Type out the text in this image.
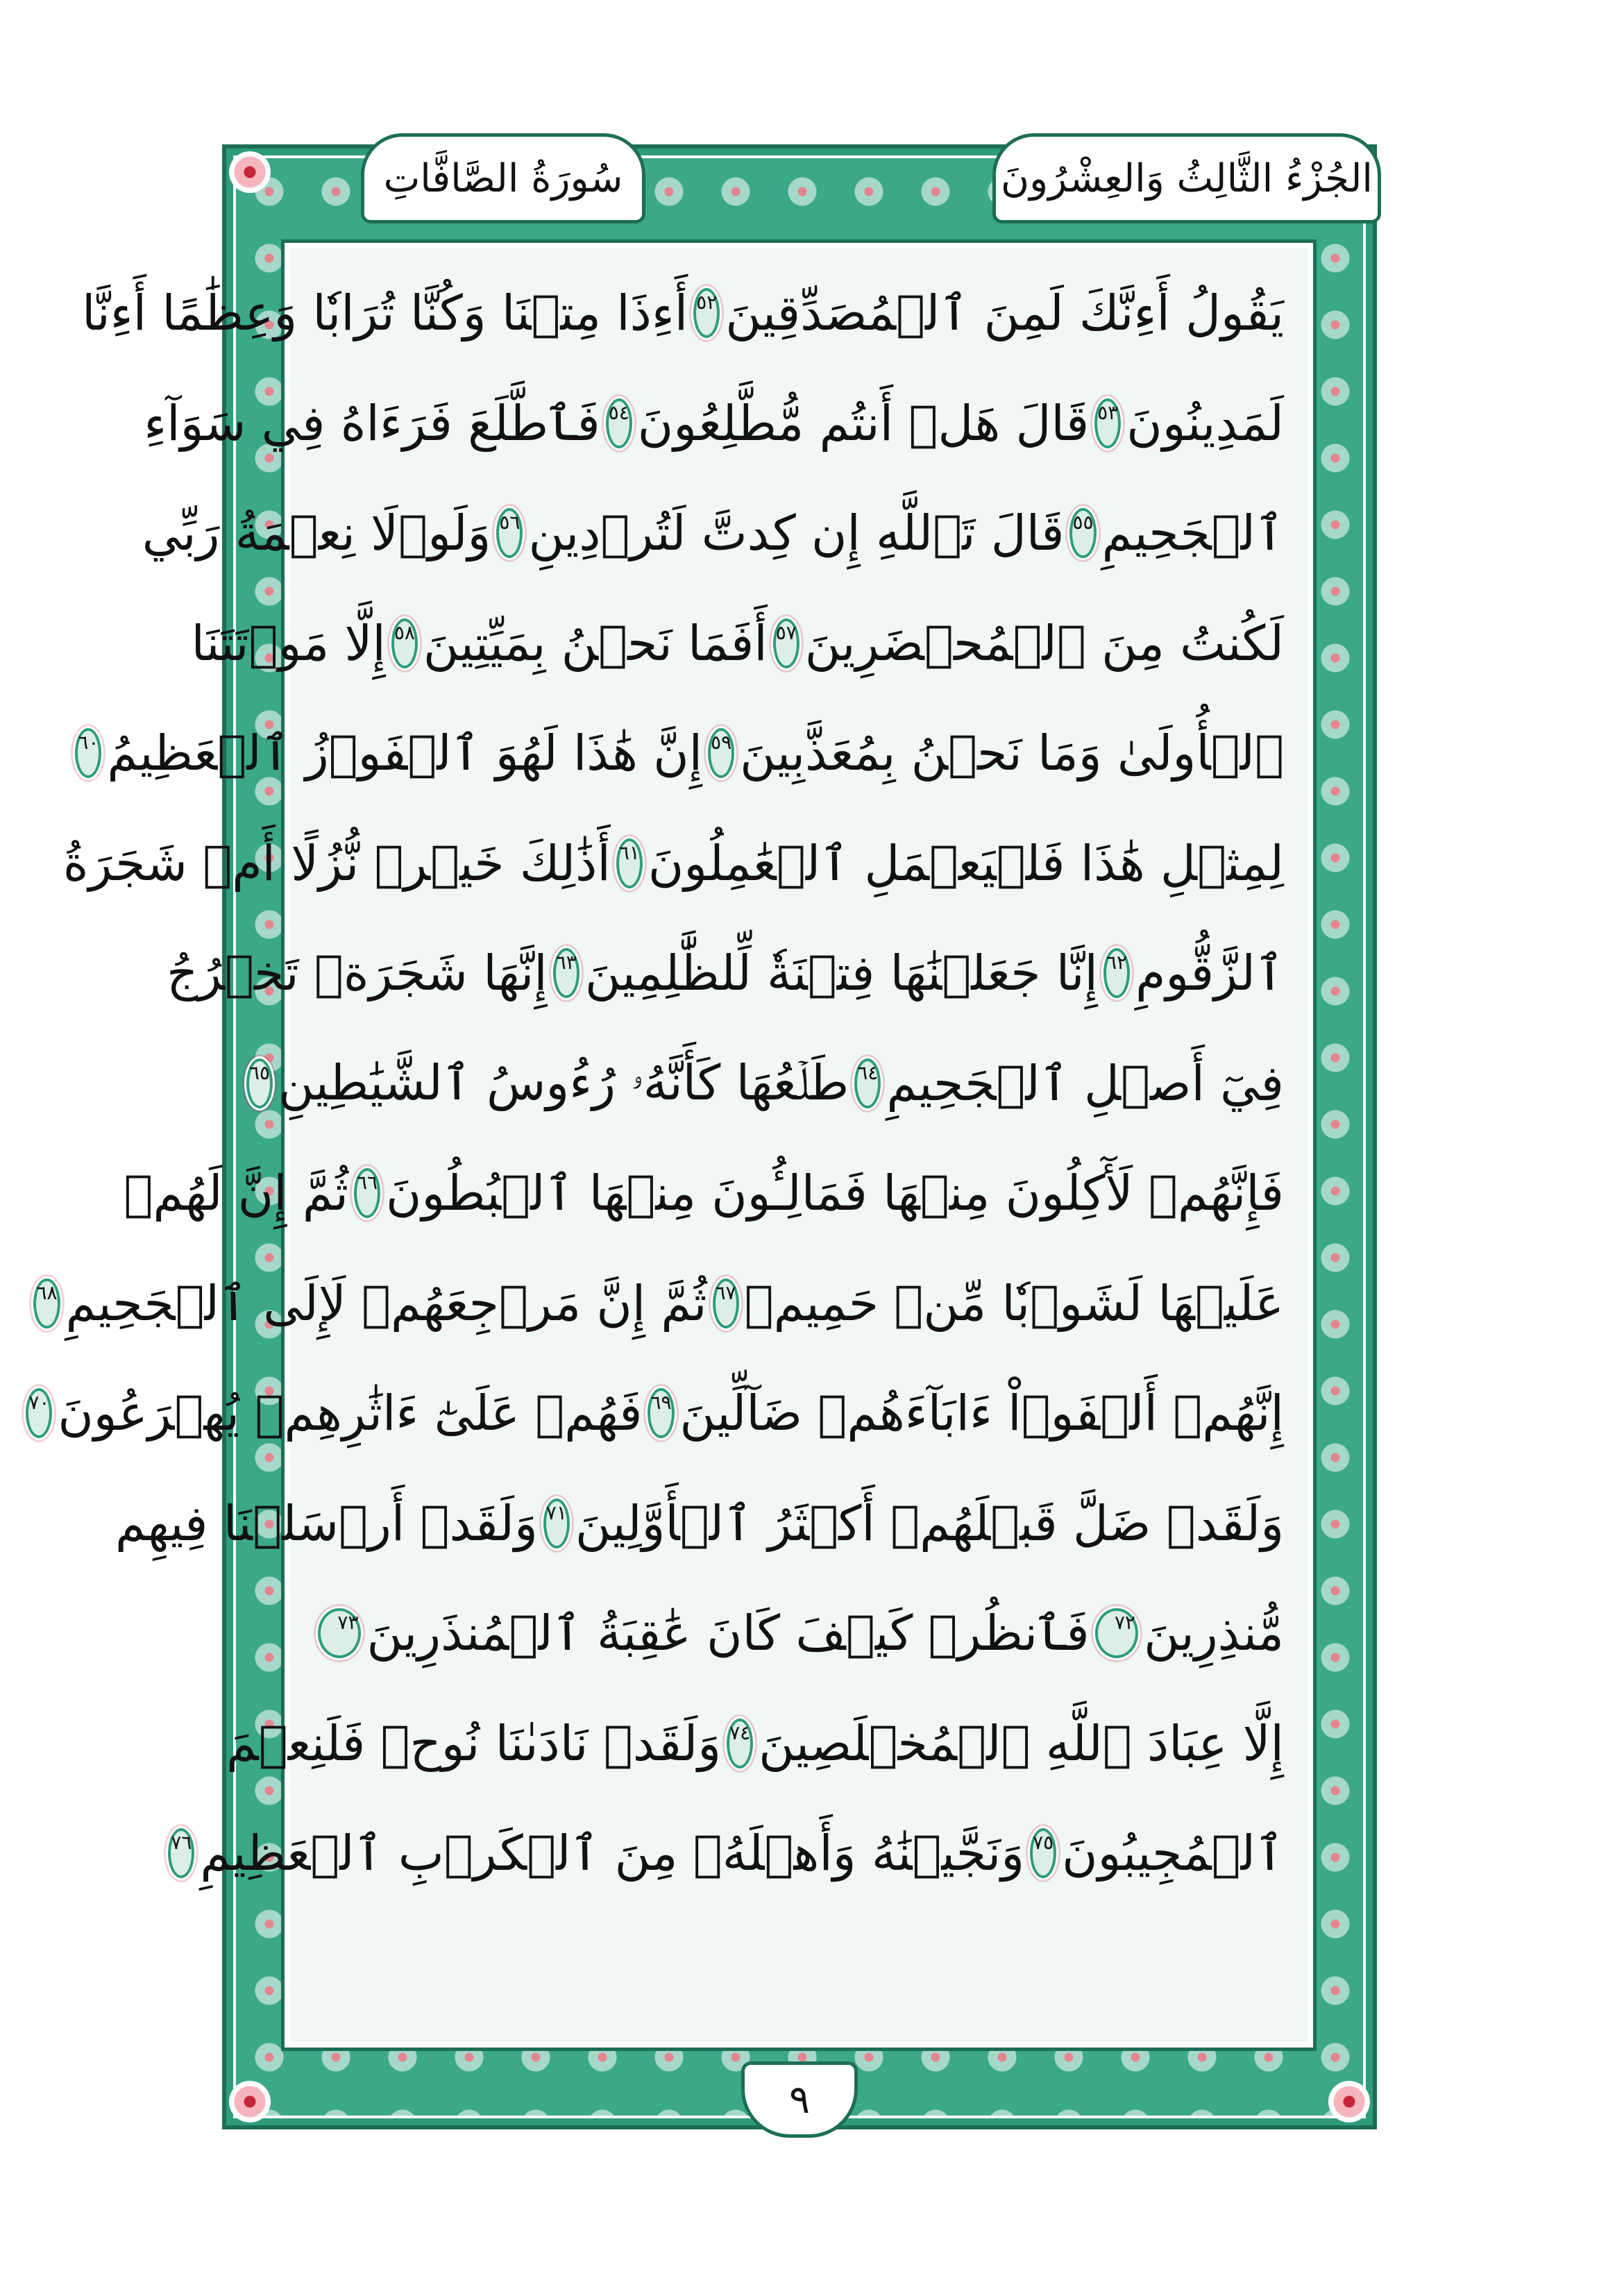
الجُزْءُ الثَّالِثُ وَالعِشْرُونَ
سُورَةُ الصَّافَّاتِ
يَقُولُ أَءِنَّكَ لَمِنَ ٱلۡمُصَدِّقِينَ
٥٢
أَءِذَا مِتۡنَا وَكُنَّا تُرَابٗا وَعِظَٰمًا أَءِنَّا
لَمَدِينُونَ
٥٣
قَالَ هَلۡ أَنتُم مُّطَّلِعُونَ
٥٤
فَٱطَّلَعَ فَرَءَاهُ فِي سَوَآءِ
ٱلۡجَحِيمِ
٥٥
قَالَ تَٱللَّهِ إِن كِدتَّ لَتُرۡدِينِ
٥٦
وَلَوۡلَا نِعۡمَةُ رَبِّي
لَكُنتُ مِنَ ٱلۡمُحۡضَرِينَ
٥٧
أَفَمَا نَحۡنُ بِمَيِّتِينَ
٥٨
إِلَّا مَوۡتَتَنَا
ٱلۡأُولَىٰ وَمَا نَحۡنُ بِمُعَذَّبِينَ
٥٩
إِنَّ هَٰذَا لَهُوَ ٱلۡفَوۡزُ ٱلۡعَظِيمُ
٦٠
لِمِثۡلِ هَٰذَا فَلۡيَعۡمَلِ ٱلۡعَٰمِلُونَ
٦١
أَذَٰلِكَ خَيۡرٞ نُّزُلًا أَمۡ شَجَرَةُ
ٱلزَّقُّومِ
٦٢
إِنَّا جَعَلۡنَٰهَا فِتۡنَةٗ لِّلظَّٰلِمِينَ
٦٣
إِنَّهَا شَجَرَةٞ تَخۡرُجُ
فِيٓ أَصۡلِ ٱلۡجَحِيمِ
٦٤
طَلۡعُهَا كَأَنَّهُۥ رُءُوسُ ٱلشَّيَٰطِينِ
٦٥
فَإِنَّهُمۡ لَأٓكِلُونَ مِنۡهَا فَمَالِـُٔونَ مِنۡهَا ٱلۡبُطُونَ
٦٦
ثُمَّ إِنَّ لَهُمۡ
عَلَيۡهَا لَشَوۡبٗا مِّنۡ حَمِيمٖ
٦٧
ثُمَّ إِنَّ مَرۡجِعَهُمۡ لَإِلَى ٱلۡجَحِيمِ
٦٨
إِنَّهُمۡ أَلۡفَوۡاْ ءَابَآءَهُمۡ ضَآلِّينَ
٦٩
فَهُمۡ عَلَىٰٓ ءَاثَٰرِهِمۡ يُهۡرَعُونَ
٧٠
وَلَقَدۡ ضَلَّ قَبۡلَهُمۡ أَكۡثَرُ ٱلۡأَوَّلِينَ
٧١
وَلَقَدۡ أَرۡسَلۡنَا فِيهِم
مُّنذِرِينَ
٧٢
فَٱنظُرۡ كَيۡفَ كَانَ عَٰقِبَةُ ٱلۡمُنذَرِينَ
٧٣
إِلَّا عِبَادَ ٱللَّهِ ٱلۡمُخۡلَصِينَ
٧٤
وَلَقَدۡ نَادَىٰنَا نُوحٞ فَلَنِعۡمَ
ٱلۡمُجِيبُونَ
٧٥
وَنَجَّيۡنَٰهُ وَأَهۡلَهُۥ مِنَ ٱلۡكَرۡبِ ٱلۡعَظِيمِ
٧٦
٩
